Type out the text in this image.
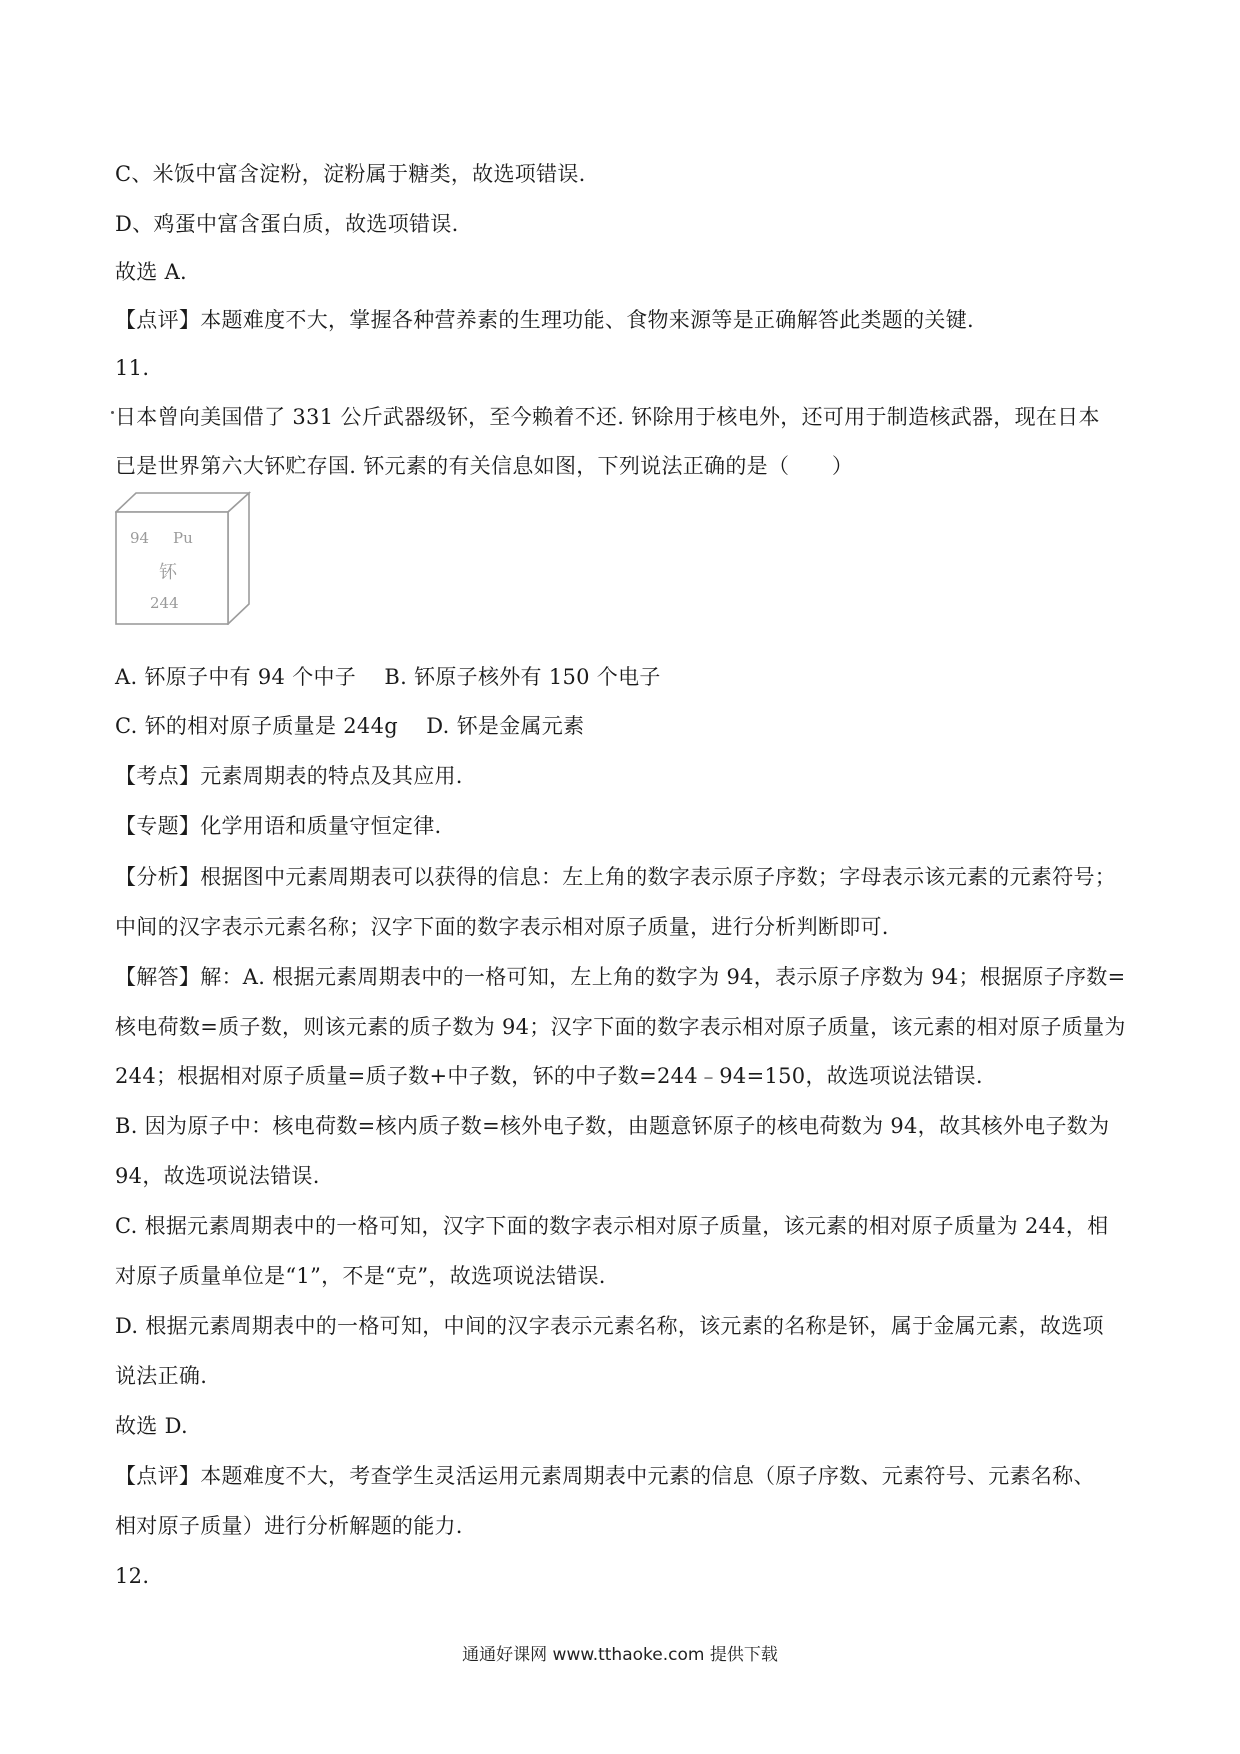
C、米饭中富含淀粉，淀粉属于糖类，故选项错误.
D、鸡蛋中富含蛋白质，故选项错误.
故选 A.
【点评】本题难度不大，掌握各种营养素的生理功能、食物来源等是正确解答此类题的关键.
11.
日本曾向美国借了 331 公斤武器级钚，至今赖着不还. 钚除用于核电外，还可用于制造核武器，现在日本
已是世界第六大钚贮存国. 钚元素的有关信息如图，下列说法正确的是（　　）
94 Pu
钚
244
A. 钚原子中有 94 个中子　 B. 钚原子核外有 150 个电子
C. 钚的相对原子质量是 244g　 D. 钚是金属元素
【考点】元素周期表的特点及其应用.
【专题】化学用语和质量守恒定律.
【分析】根据图中元素周期表可以获得的信息：左上角的数字表示原子序数；字母表示该元素的元素符号；
中间的汉字表示元素名称；汉字下面的数字表示相对原子质量，进行分析判断即可.
【解答】解：A. 根据元素周期表中的一格可知，左上角的数字为 94，表示原子序数为 94；根据原子序数=
核电荷数=质子数，则该元素的质子数为 94；汉字下面的数字表示相对原子质量，该元素的相对原子质量为
244；根据相对原子质量=质子数+中子数，钚的中子数=244﹣94=150，故选项说法错误.
B. 因为原子中：核电荷数=核内质子数=核外电子数，由题意钚原子的核电荷数为 94，故其核外电子数为
94，故选项说法错误.
C. 根据元素周期表中的一格可知，汉字下面的数字表示相对原子质量，该元素的相对原子质量为 244，相
对原子质量单位是“1”，不是“克”，故选项说法错误.
D. 根据元素周期表中的一格可知，中间的汉字表示元素名称，该元素的名称是钚，属于金属元素，故选项
说法正确.
故选 D.
【点评】本题难度不大，考查学生灵活运用元素周期表中元素的信息（原子序数、元素符号、元素名称、
相对原子质量）进行分析解题的能力.
12.
通通好课网 www.tthaoke.com 提供下载
